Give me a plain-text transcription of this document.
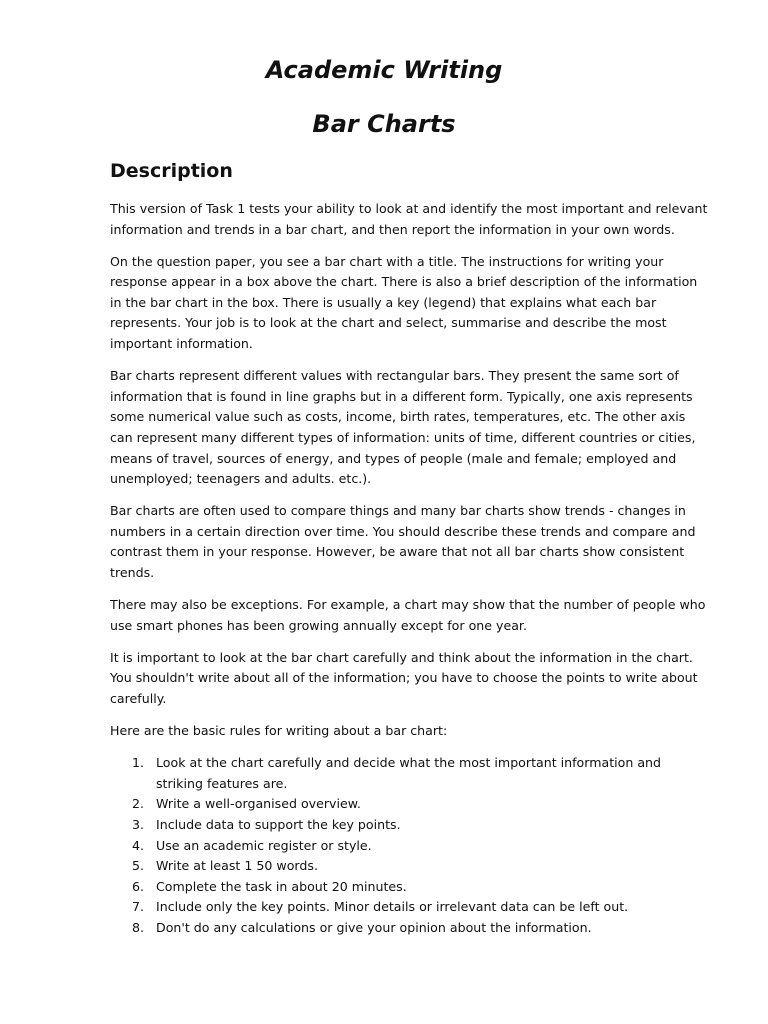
Academic Writing
Bar Charts
Description

This version of Task 1 tests your ability to look at and identify the most important and relevant information and trends in a bar chart, and then report the information in your own words.

On the question paper, you see a bar chart with a title. The instructions for writing your response appear in a box above the chart. There is also a brief description of the information in the bar chart in the box. There is usually a key (legend) that explains what each bar represents. Your job is to look at the chart and select, summarise and describe the most important information.

Bar charts represent different values with rectangular bars. They present the same sort of information that is found in line graphs but in a different form. Typically, one axis represents some numerical value such as costs, income, birth rates, temperatures, etc. The other axis can represent many different types of information: units of time, different countries or cities, means of travel, sources of energy, and types of people (male and female; employed and unemployed; teenagers and adults. etc.).

Bar charts are often used to compare things and many bar charts show trends - changes in numbers in a certain direction over time. You should describe these trends and compare and contrast them in your response. However, be aware that not all bar charts show consistent trends.

There may also be exceptions. For example, a chart may show that the number of people who use smart phones has been growing annually except for one year.

It is important to look at the bar chart carefully and think about the information in the chart. You shouldn't write about all of the information; you have to choose the points to write about carefully.

Here are the basic rules for writing about a bar chart:

1. Look at the chart carefully and decide what the most important information and striking features are.
2. Write a well-organised overview.
3. Include data to support the key points.
4. Use an academic register or style.
5. Write at least 1 50 words.
6. Complete the task in about 20 minutes.
7. Include only the key points. Minor details or irrelevant data can be left out.
8. Don't do any calculations or give your opinion about the information.
